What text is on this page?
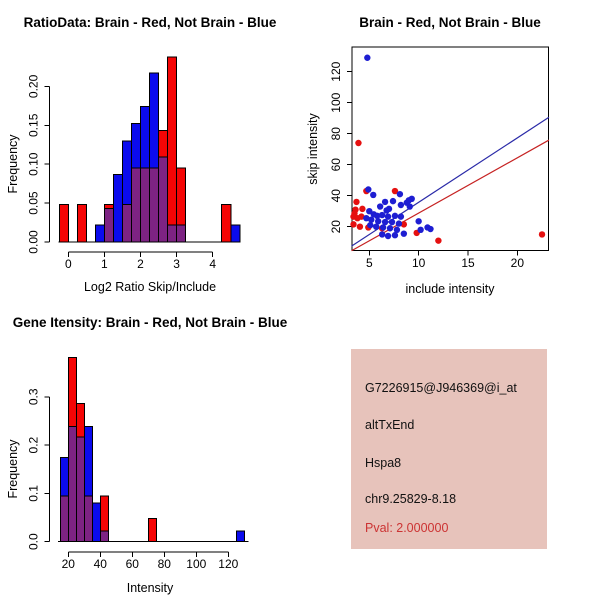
0.00
0.05
0.10
0.15
0.20
0 1 2 3 4
RatioData: Brain - Red, Not Brain - Blue
Log2 Ratio Skip/Include
Frequency
5	10	15	20
20
40
60
80
100
120
Brain - Red, Not Brain - Blue
include intensity
skip intensity
0.0
0.1
0.2
0.3
20 40 60 80 100 120
Gene Itensity: Brain - Red, Not Brain - Blue
Intensity
Frequency
G7226915@J946369@i_at
altTxEnd
Hspa8
chr9.25829-8.18
Pval: 2.000000
